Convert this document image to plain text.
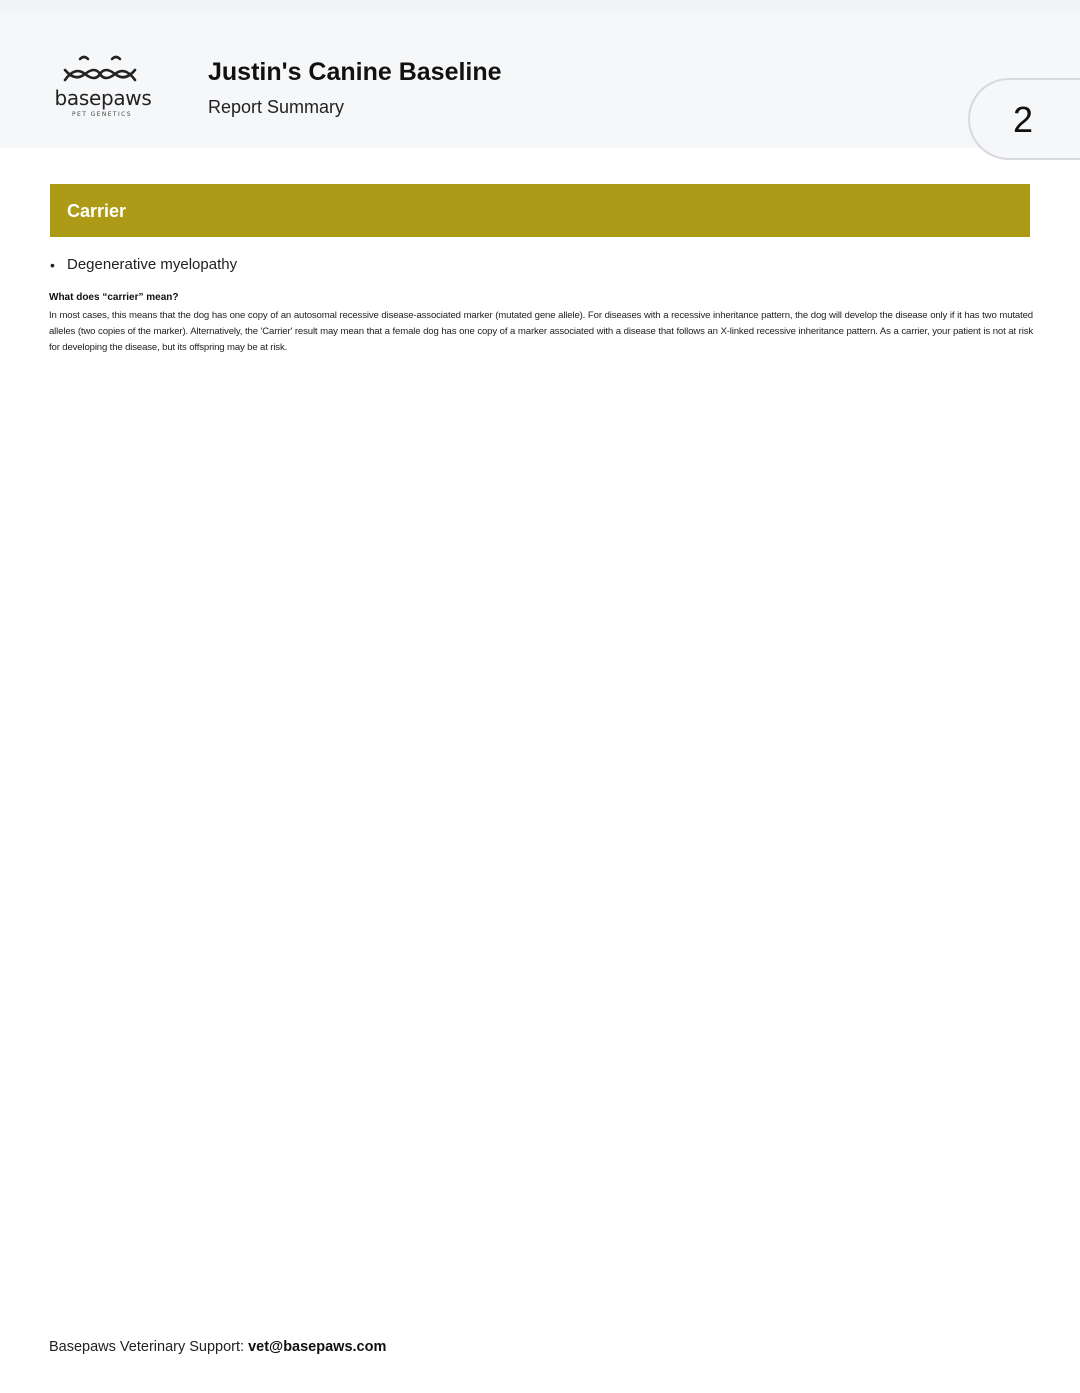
basepaws
PET GENETICS
Justin's Canine Baseline
Report Summary	2
Carrier
• Degenerative myelopathy
What does “carrier” mean?
In most cases, this means that the dog has one copy of an autosomal recessive disease-associated marker (mutated gene allele). For diseases with a recessive inheritance pattern, the dog will develop the disease only if it has two mutated alleles (two copies of the marker). Alternatively, the 'Carrier' result may mean that a female dog has one copy of a marker associated with a disease that follows an X-linked recessive inheritance pattern. As a carrier, your patient is not at risk for developing the disease, but its offspring may be at risk.
Basepaws Veterinary Support: vet@basepaws.com
